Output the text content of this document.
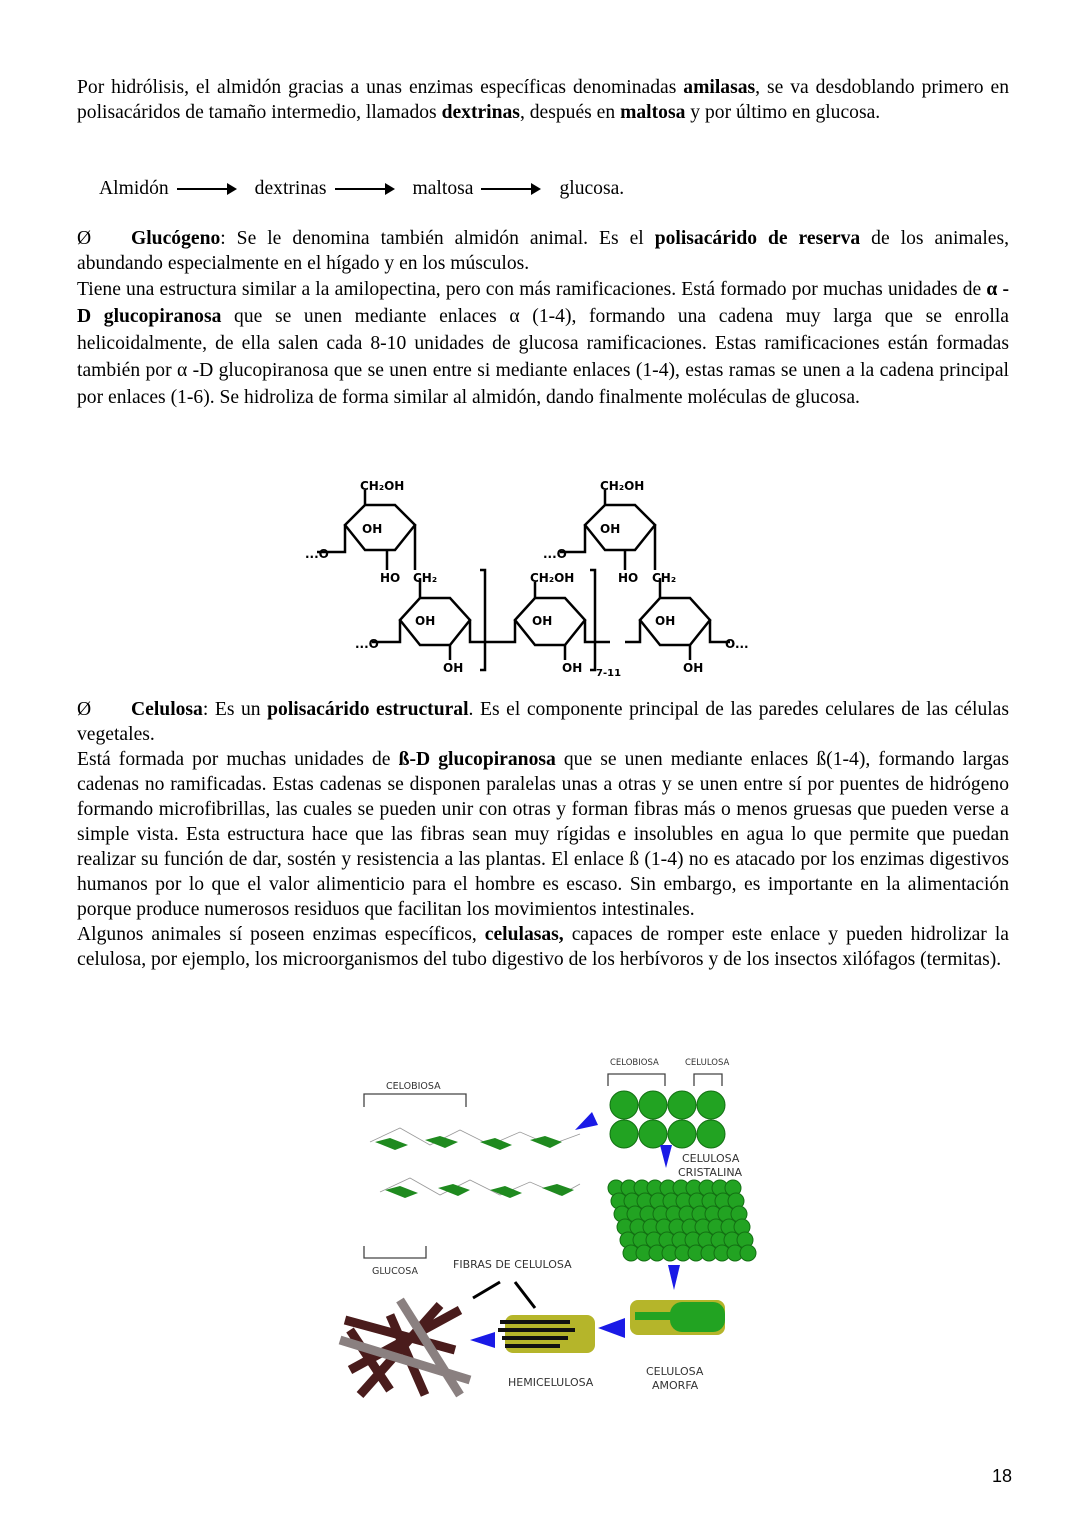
Por hidrólisis, el almidón gracias a unas enzimas específicas denominadas amilasas, se va desdoblando primero en polisacáridos de tamaño intermedio, llamados dextrinas, después en maltosa y por último en glucosa.

Almidón	dextrinas	maltosa	glucosa.
Ø Glucógeno: Se le denomina también almidón animal. Es el polisacárido de reserva de los animales, abundando especialmente en el hígado y en los músculos.
Tiene una estructura similar a la amilopectina, pero con más ramificaciones. Está formado por muchas unidades de α -D glucopiranosa que se unen mediante enlaces α (1-4), formando una cadena muy larga que se enrolla helicoidalmente, de ella salen cada 8-10 unidades de glucosa ramificaciones. Estas ramificaciones están formadas también por α -D glucopiranosa que se unen entre si mediante enlaces (1-4), estas ramas se unen a la cadena principal por enlaces (1-6). Se hidroliza de forma similar al almidón, dando finalmente moléculas de glucosa.
CH₂OH	CH₂OH
CH₂OH
OH	OH
OH	OH	OH
OH	OH	OH
HO	HO
CH₂	CH₂
...O	...O
...O	O...
7-11
Ø Celulosa: Es un polisacárido estructural. Es el componente principal de las paredes celulares de las células vegetales.
Está formada por muchas unidades de ß-D glucopiranosa que se unen mediante enlaces ß(1-4), formando largas cadenas no ramificadas. Estas cadenas se disponen paralelas unas a otras y se unen entre sí por puentes de hidrógeno formando microfibrillas, las cuales se pueden unir con otras y forman fibras más o menos gruesas que pueden verse a simple vista. Esta estructura hace que las fibras sean muy rígidas e insolubles en agua lo que permite que puedan realizar su función de dar, sostén y resistencia a las plantas. El enlace ß (1-4) no es atacado por los enzimas digestivos humanos por lo que el valor alimenticio para el hombre es escaso. Sin embargo, es importante en la alimentación porque produce numerosos residuos que facilitan los movimientos intestinales.
Algunos animales sí poseen enzimas específicos, celulasas, capaces de romper este enlace y pueden hidrolizar la celulosa, por ejemplo, los microorganismos del tubo digestivo de los herbívoros y de los insectos xilófagos (termitas).
CELOBIOSA
GLUCOSA
CELOBIOSA	CELULOSA
CELULOSA
CRISTALINA
FIBRAS DE CELULOSA
HEMICELULOSA
CELULOSA
AMORFA
18
